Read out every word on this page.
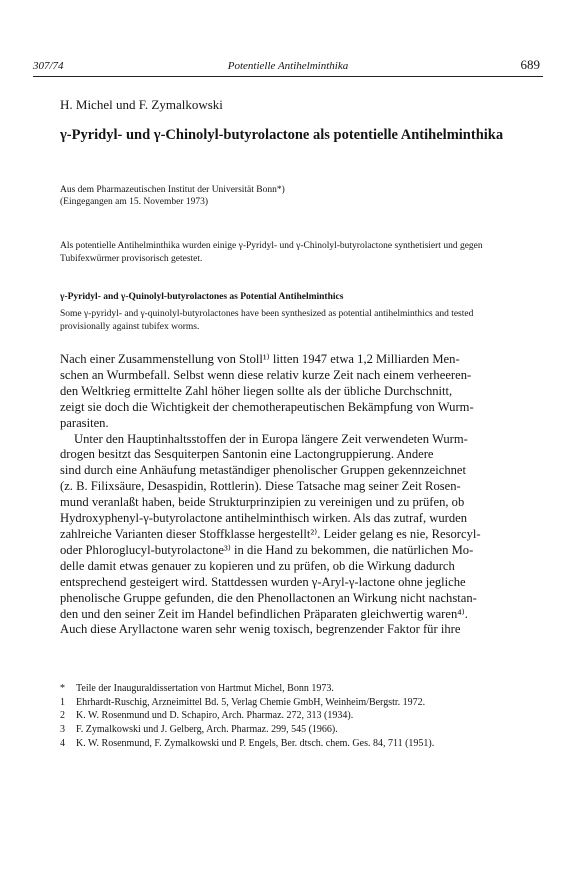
307/74	Potentielle Antihelminthika	689
H. Michel und F. Zymalkowski
γ-Pyridyl- und γ-Chinolyl-butyrolactone als potentielle Antihelminthika
Aus dem Pharmazeutischen Institut der Universität Bonn*)
(Eingegangen am 15. November 1973)
Als potentielle Antihelminthika wurden einige γ-Pyridyl- und γ-Chinolyl-butyrolactone synthetisiert und gegen Tubifexwürmer provisorisch getestet.
γ-Pyridyl- and γ-Quinolyl-butyrolactones as Potential Antihelminthics
Some γ-pyridyl- and γ-quinolyl-butyrolactones have been synthesized as potential antihelminthics and tested provisionally against tubifex worms.
Nach einer Zusammenstellung von Stoll¹⁾ litten 1947 etwa 1,2 Milliarden Men-
schen an Wurmbefall. Selbst wenn diese relativ kurze Zeit nach einem verheeren-
den Weltkrieg ermittelte Zahl höher liegen sollte als der übliche Durchschnitt,
zeigt sie doch die Wichtigkeit der chemotherapeutischen Bekämpfung von Wurm-
parasiten.
Unter den Hauptinhaltsstoffen der in Europa längere Zeit verwendeten Wurm-
drogen besitzt das Sesquiterpen Santonin eine Lactongruppierung. Andere
sind durch eine Anhäufung metaständiger phenolischer Gruppen gekennzeichnet
(z. B. Filixsäure, Desaspidin, Rottlerin). Diese Tatsache mag seiner Zeit Rosen-
mund veranlaßt haben, beide Strukturprinzipien zu vereinigen und zu prüfen, ob
Hydroxyphenyl-γ-butyrolactone antihelminthisch wirken. Als das zutraf, wurden
zahlreiche Varianten dieser Stoffklasse hergestellt²⁾. Leider gelang es nie, Resorcyl-
oder Phloroglucyl-butyrolactone³⁾ in die Hand zu bekommen, die natürlichen Mo-
delle damit etwas genauer zu kopieren und zu prüfen, ob die Wirkung dadurch
entsprechend gesteigert wird. Stattdessen wurden γ-Aryl-γ-lactone ohne jegliche
phenolische Gruppe gefunden, die den Phenollactonen an Wirkung nicht nachstan-
den und den seiner Zeit im Handel befindlichen Präparaten gleichwertig waren⁴⁾.
Auch diese Aryllactone waren sehr wenig toxisch, begrenzender Faktor für ihre
* Teile der Inauguraldissertation von Hartmut Michel, Bonn 1973.
1 Ehrhardt-Ruschig, Arzneimittel Bd. 5, Verlag Chemie GmbH, Weinheim/Bergstr. 1972.
2 K. W. Rosenmund und D. Schapiro, Arch. Pharmaz. 272, 313 (1934).
3 F. Zymalkowski und J. Gelberg, Arch. Pharmaz. 299, 545 (1966).
4 K. W. Rosenmund, F. Zymalkowski und P. Engels, Ber. dtsch. chem. Ges. 84, 711 (1951).
